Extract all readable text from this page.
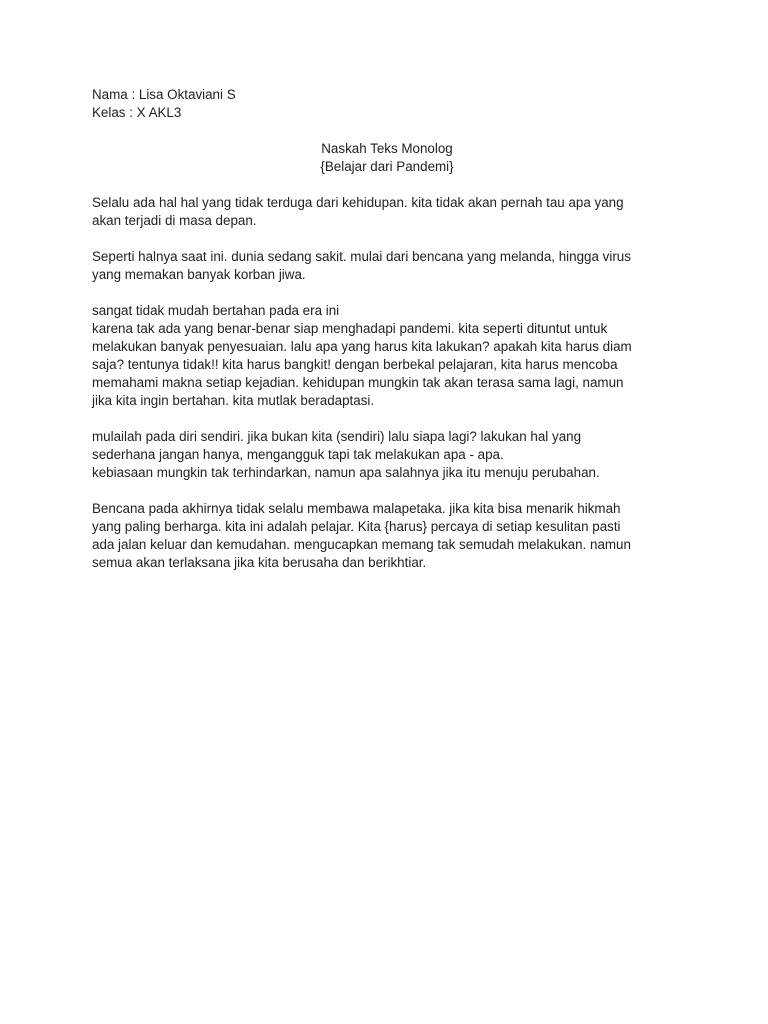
Nama : Lisa Oktaviani S
Kelas : X AKL3
Naskah Teks Monolog
{Belajar dari Pandemi}
Selalu ada hal hal yang tidak terduga dari kehidupan. kita tidak akan pernah tau apa yang
akan terjadi di masa depan.
Seperti halnya saat ini. dunia sedang sakit. mulai dari bencana yang melanda, hingga virus
yang memakan banyak korban jiwa.
sangat tidak mudah bertahan pada era ini
karena tak ada yang benar-benar siap menghadapi pandemi. kita seperti dituntut untuk
melakukan banyak penyesuaian. lalu apa yang harus kita lakukan? apakah kita harus diam
saja? tentunya tidak!! kita harus bangkit! dengan berbekal pelajaran, kita harus mencoba
memahami makna setiap kejadian. kehidupan mungkin tak akan terasa sama lagi, namun
jika kita ingin bertahan. kita mutlak beradaptasi.
mulailah pada diri sendiri. jika bukan kita (sendiri) lalu siapa lagi? lakukan hal yang
sederhana jangan hanya, mengangguk tapi tak melakukan apa - apa.
kebiasaan mungkin tak terhindarkan, namun apa salahnya jika itu menuju perubahan.
Bencana pada akhirnya tidak selalu membawa malapetaka. jika kita bisa menarik hikmah
yang paling berharga. kita ini adalah pelajar. Kita {harus} percaya di setiap kesulitan pasti
ada jalan keluar dan kemudahan. mengucapkan memang tak semudah melakukan. namun
semua akan terlaksana jika kita berusaha dan berikhtiar.
